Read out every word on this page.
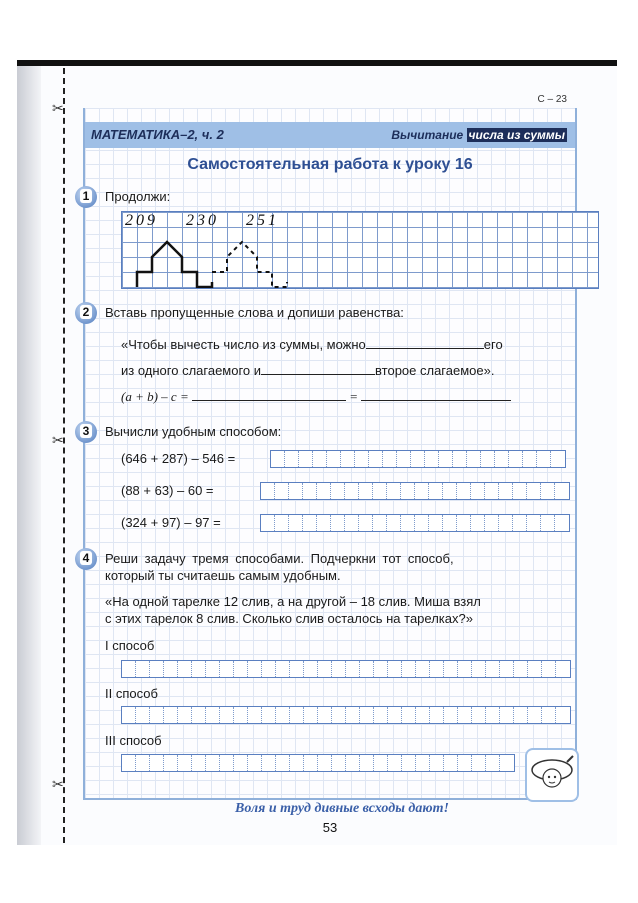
✂
✂
✂
С – 23
МАТЕМАТИКА–2, ч. 2	Вычитание числа из суммы
Самостоятельная работа к уроку 16
1 Продолжи:
209 230 251
2 Вставь пропущенные слова и допиши равенства:
«Чтобы вычесть число из суммы, можно	его
из одного слагаемого и	второе слагаемое».
(a + b) – c =	=
3 Вычисли удобным способом:
(646 + 287) – 546 =
(88 + 63) – 60 =
(324 + 97) – 97 =
4 Реши задачу тремя способами. Подчеркни тот способ,
который ты считаешь самым удобным.
«На одной тарелке 12 слив, а на другой – 18 слив. Миша взял
с этих тарелок 8 слив. Сколько слив осталось на тарелках?»
I способ
II способ
III способ
Воля и труд дивные всходы дают!
53
